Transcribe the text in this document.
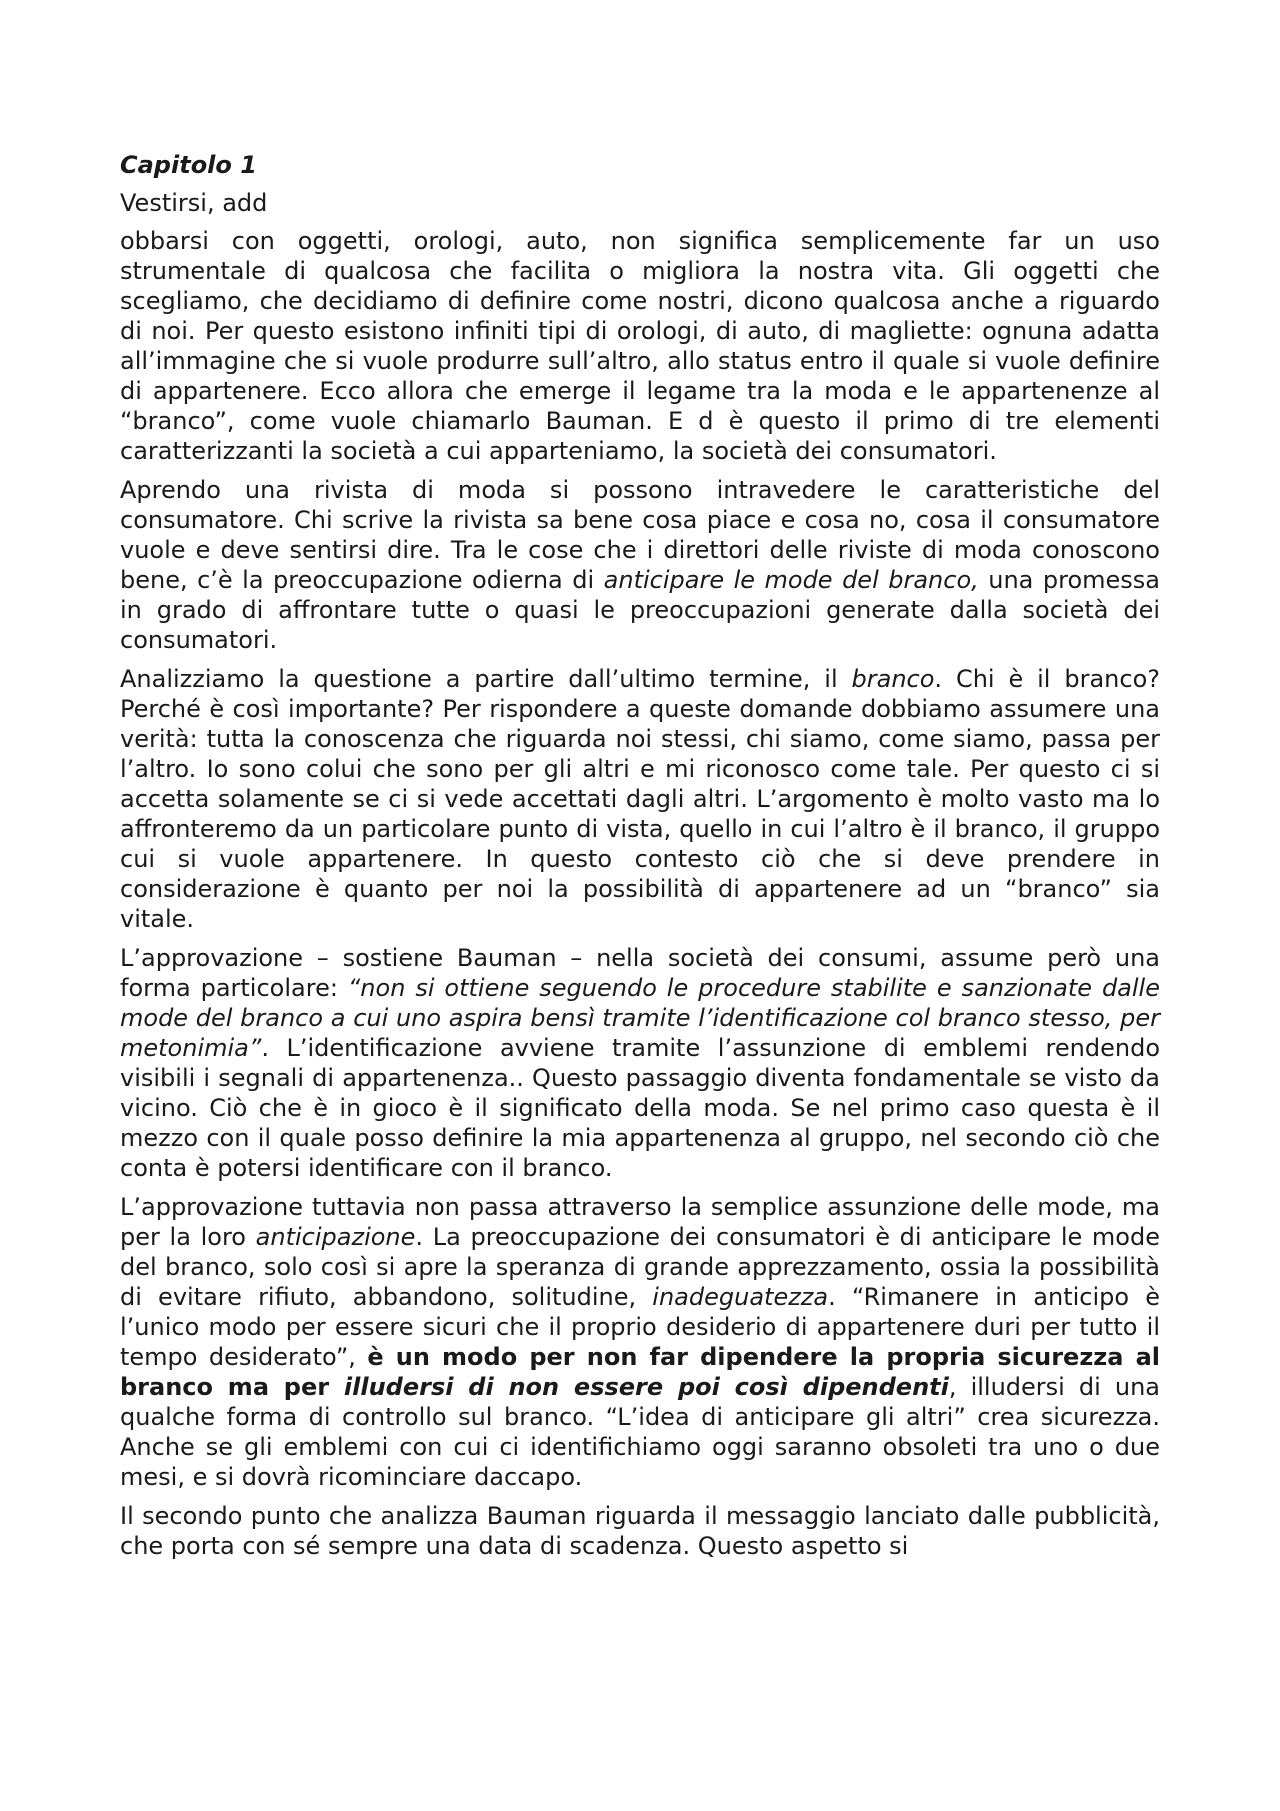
Capitolo 1
Vestirsi, add

obbarsi con oggetti, orologi, auto, non significa semplicemente far un uso strumentale di qualcosa che facilita o migliora la nostra vita. Gli oggetti che scegliamo, che decidiamo di definire come nostri, dicono qualcosa anche a riguardo di noi. Per questo esistono infiniti tipi di orologi, di auto, di magliette: ognuna adatta all’immagine che si vuole produrre sull’altro, allo status entro il quale si vuole definire di appartenere. Ecco allora che emerge il legame tra la moda e le appartenenze al “branco”, come vuole chiamarlo Bauman. E d è questo il primo di tre elementi caratterizzanti la società a cui apparteniamo, la società dei consumatori.

Aprendo una rivista di moda si possono intravedere le caratteristiche del consumatore. Chi scrive la rivista sa bene cosa piace e cosa no, cosa il consumatore vuole e deve sentirsi dire. Tra le cose che i direttori delle riviste di moda conoscono bene, c’è la preoccupazione odierna di anticipare le mode del branco, una promessa in grado di affrontare tutte o quasi le preoccupazioni generate dalla società dei consumatori.

Analizziamo la questione a partire dall’ultimo termine, il branco. Chi è il branco? Perché è così importante? Per rispondere a queste domande dobbiamo assumere una verità: tutta la conoscenza che riguarda noi stessi, chi siamo, come siamo, passa per l’altro. Io sono colui che sono per gli altri e mi riconosco come tale. Per questo ci si accetta solamente se ci si vede accettati dagli altri. L’argomento è molto vasto ma lo affronteremo da un particolare punto di vista, quello in cui l’altro è il branco, il gruppo cui si vuole appartenere. In questo contesto ciò che si deve prendere in considerazione è quanto per noi la possibilità di appartenere ad un “branco” sia vitale.

L’approvazione – sostiene Bauman – nella società dei consumi, assume però una forma particolare: “non si ottiene seguendo le procedure stabilite e sanzionate dalle mode del branco a cui uno aspira bensì tramite l’identificazione col branco stesso, per metonimia”. L’identificazione avviene tramite l’assunzione di emblemi rendendo visibili i segnali di appartenenza.. Questo passaggio diventa fondamentale se visto da vicino. Ciò che è in gioco è il significato della moda. Se nel primo caso questa è il mezzo con il quale posso definire la mia appartenenza al gruppo, nel secondo ciò che conta è potersi identificare con il branco.

L’approvazione tuttavia non passa attraverso la semplice assunzione delle mode, ma per la loro anticipazione. La preoccupazione dei consumatori è di anticipare le mode del branco, solo così si apre la speranza di grande apprezzamento, ossia la possibilità di evitare rifiuto, abbandono, solitudine, inadeguatezza. “Rimanere in anticipo è l’unico modo per essere sicuri che il proprio desiderio di appartenere duri per tutto il tempo desiderato”, è un modo per non far dipendere la propria sicurezza al branco ma per illudersi di non essere poi così dipendenti, illudersi di una qualche forma di controllo sul branco. “L’idea di anticipare gli altri” crea sicurezza. Anche se gli emblemi con cui ci identifichiamo oggi saranno obsoleti tra uno o due mesi, e si dovrà ricominciare daccapo.

Il secondo punto che analizza Bauman riguarda il messaggio lanciato dalle pubblicità, che porta con sé sempre una data di scadenza. Questo aspetto si
